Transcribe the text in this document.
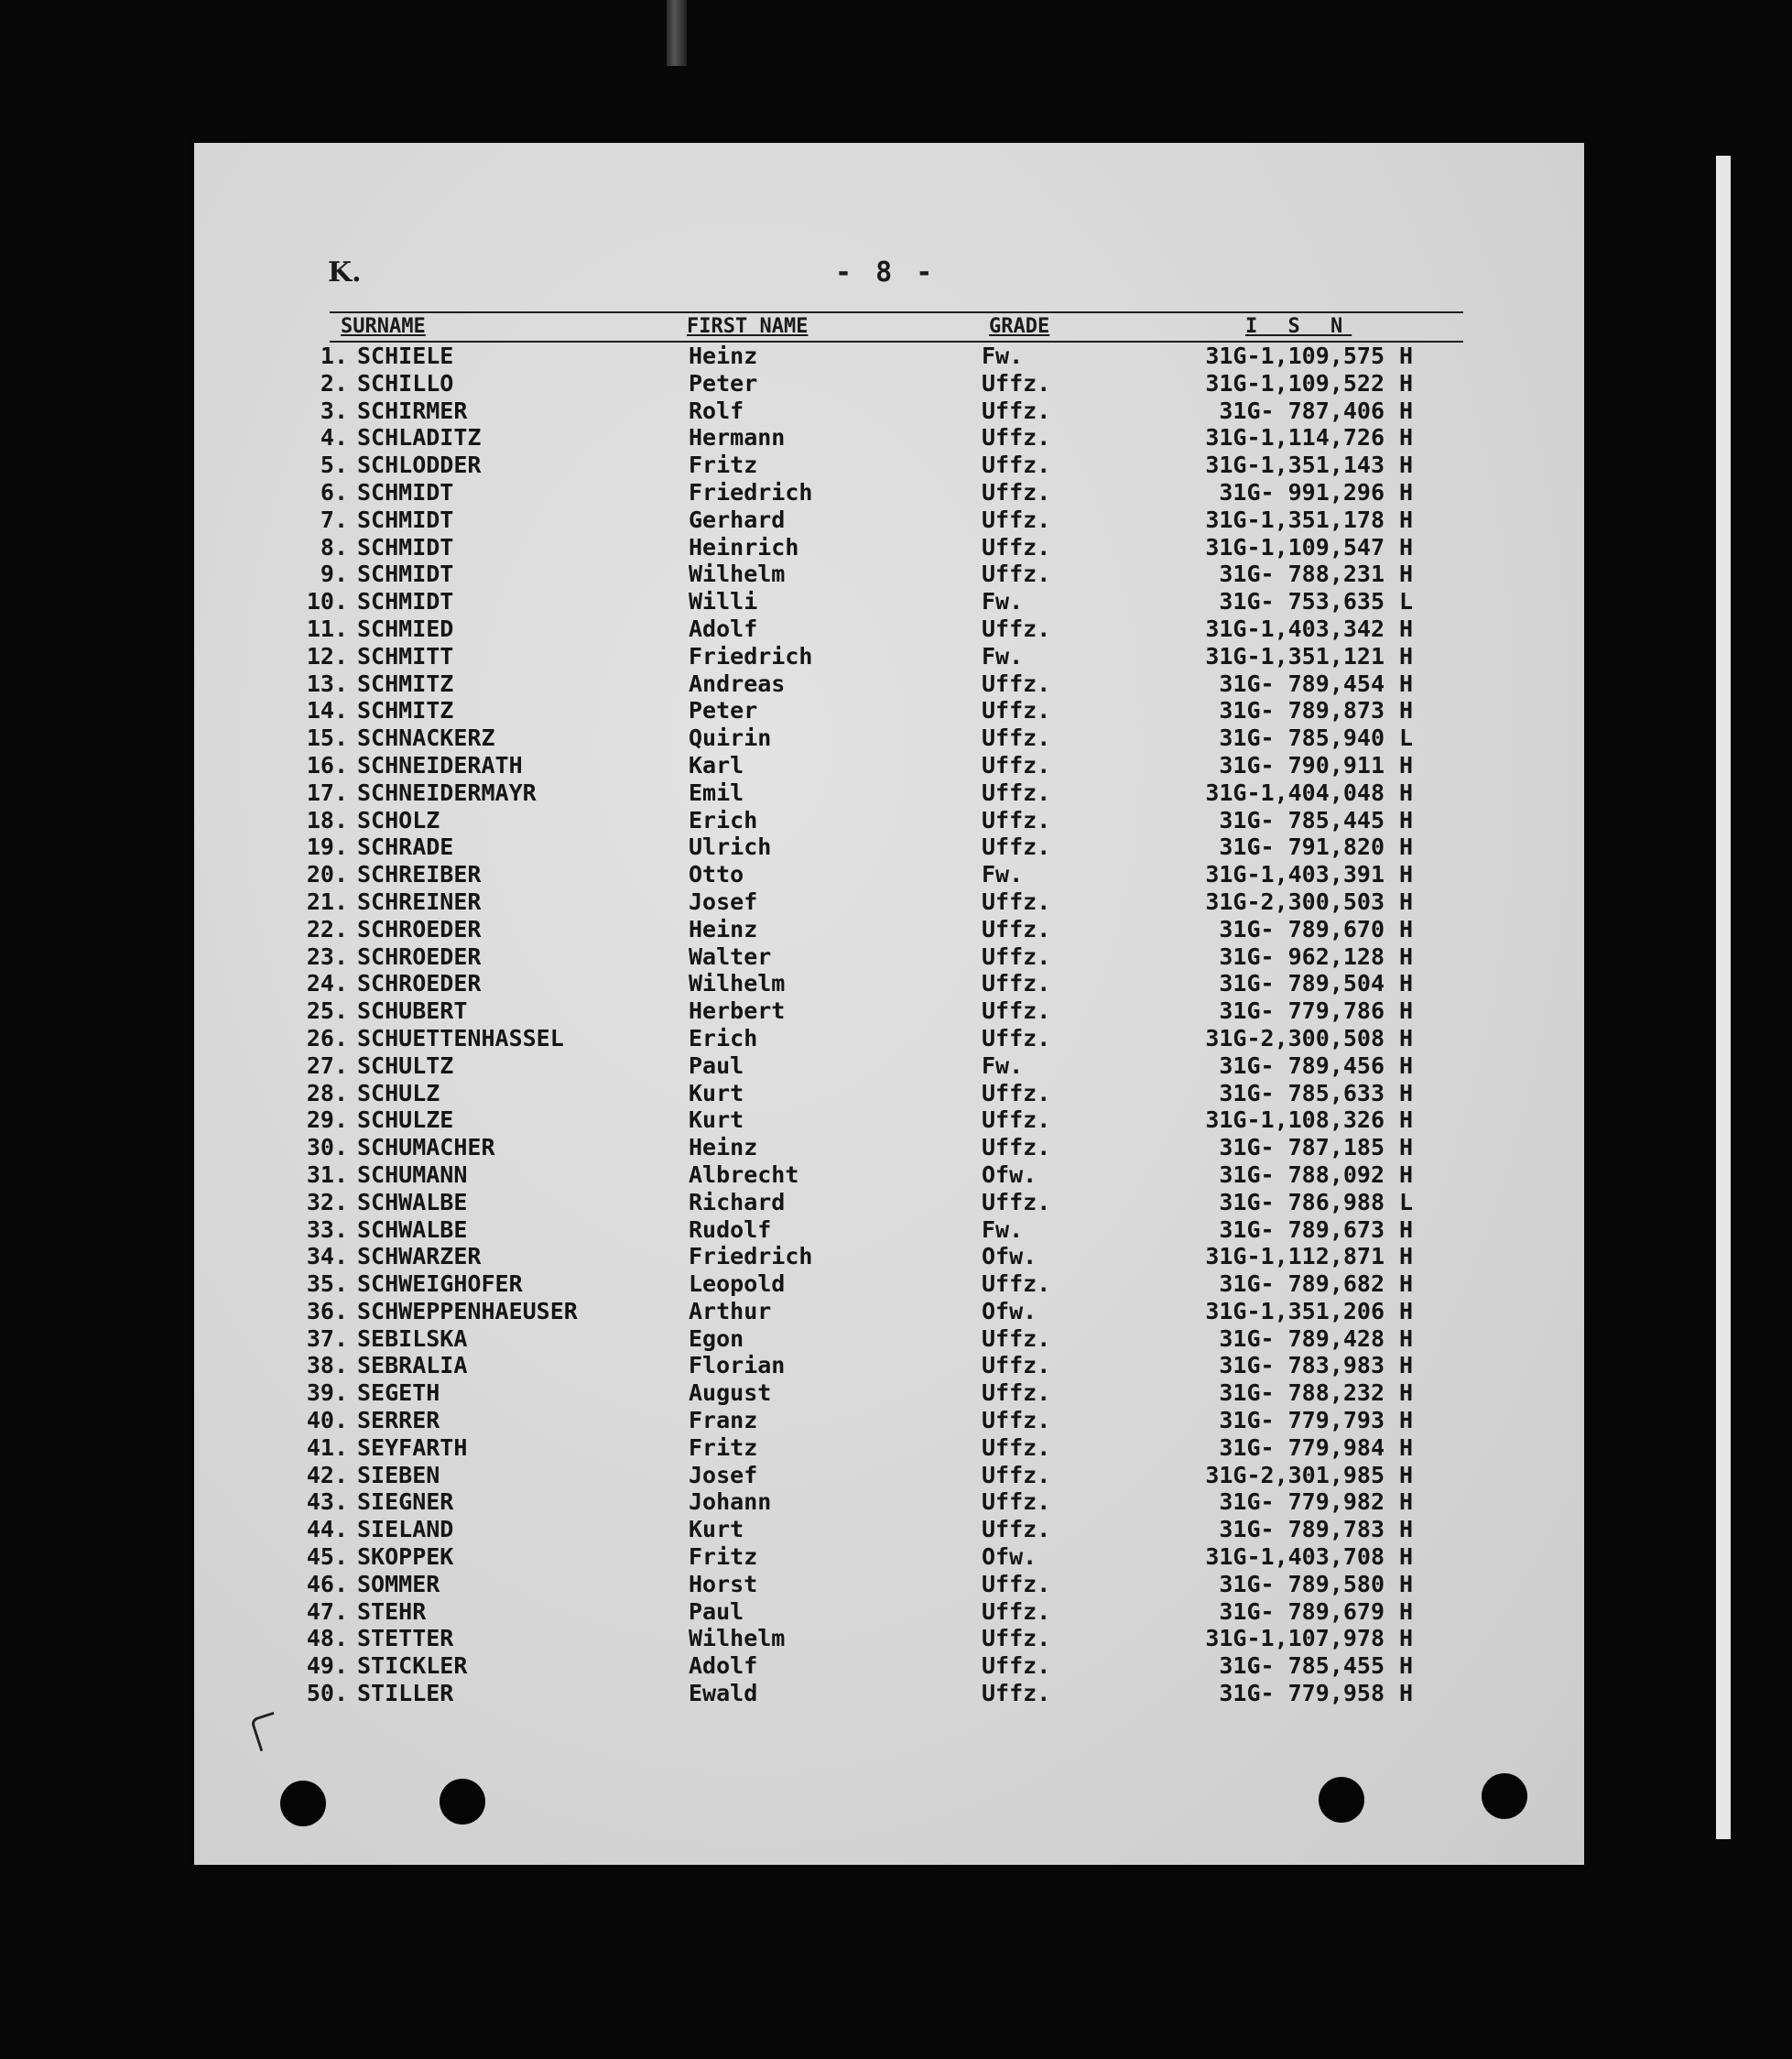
K.	- 8 -
SURNAME	FIRST NAME	GRADE	I S N
1. SCHIELE	Heinz	Fw.	31G-1,109,575 H
2. SCHILLO	Peter	Uffz.	31G-1,109,522 H
3. SCHIRMER	Rolf	Uffz.	31G- 787,406 H
4. SCHLADITZ	Hermann	Uffz.	31G-1,114,726 H
5. SCHLODDER	Fritz	Uffz.	31G-1,351,143 H
6. SCHMIDT	Friedrich	Uffz.	31G- 991,296 H
7. SCHMIDT	Gerhard	Uffz.	31G-1,351,178 H
8. SCHMIDT	Heinrich	Uffz.	31G-1,109,547 H
9. SCHMIDT	Wilhelm	Uffz.	31G- 788,231 H
10. SCHMIDT	Willi	Fw.	31G- 753,635 L
11. SCHMIED	Adolf	Uffz.	31G-1,403,342 H
12. SCHMITT	Friedrich	Fw.	31G-1,351,121 H
13. SCHMITZ	Andreas	Uffz.	31G- 789,454 H
14. SCHMITZ	Peter	Uffz.	31G- 789,873 H
15. SCHNACKERZ	Quirin	Uffz.	31G- 785,940 L
16. SCHNEIDERATH	Karl	Uffz.	31G- 790,911 H
17. SCHNEIDERMAYR	Emil	Uffz.	31G-1,404,048 H
18. SCHOLZ	Erich	Uffz.	31G- 785,445 H
19. SCHRADE	Ulrich	Uffz.	31G- 791,820 H
20. SCHREIBER	Otto	Fw.	31G-1,403,391 H
21. SCHREINER	Josef	Uffz.	31G-2,300,503 H
22. SCHROEDER	Heinz	Uffz.	31G- 789,670 H
23. SCHROEDER	Walter	Uffz.	31G- 962,128 H
24. SCHROEDER	Wilhelm	Uffz.	31G- 789,504 H
25. SCHUBERT	Herbert	Uffz.	31G- 779,786 H
26. SCHUETTENHASSEL	Erich	Uffz.	31G-2,300,508 H
27. SCHULTZ	Paul	Fw.	31G- 789,456 H
28. SCHULZ	Kurt	Uffz.	31G- 785,633 H
29. SCHULZE	Kurt	Uffz.	31G-1,108,326 H
30. SCHUMACHER	Heinz	Uffz.	31G- 787,185 H
31. SCHUMANN	Albrecht	Ofw.	31G- 788,092 H
32. SCHWALBE	Richard	Uffz.	31G- 786,988 L
33. SCHWALBE	Rudolf	Fw.	31G- 789,673 H
34. SCHWARZER	Friedrich	Ofw.	31G-1,112,871 H
35. SCHWEIGHOFER	Leopold	Uffz.	31G- 789,682 H
36. SCHWEPPENHAEUSER	Arthur	Ofw.	31G-1,351,206 H
37. SEBILSKA	Egon	Uffz.	31G- 789,428 H
38. SEBRALIA	Florian	Uffz.	31G- 783,983 H
39. SEGETH	August	Uffz.	31G- 788,232 H
40. SERRER	Franz	Uffz.	31G- 779,793 H
41. SEYFARTH	Fritz	Uffz.	31G- 779,984 H
42. SIEBEN	Josef	Uffz.	31G-2,301,985 H
43. SIEGNER	Johann	Uffz.	31G- 779,982 H
44. SIELAND	Kurt	Uffz.	31G- 789,783 H
45. SKOPPEK	Fritz	Ofw.	31G-1,403,708 H
46. SOMMER	Horst	Uffz.	31G- 789,580 H
47. STEHR	Paul	Uffz.	31G- 789,679 H
48. STETTER	Wilhelm	Uffz.	31G-1,107,978 H
49. STICKLER	Adolf	Uffz.	31G- 785,455 H
50. STILLER	Ewald	Uffz.	31G- 779,958 H
